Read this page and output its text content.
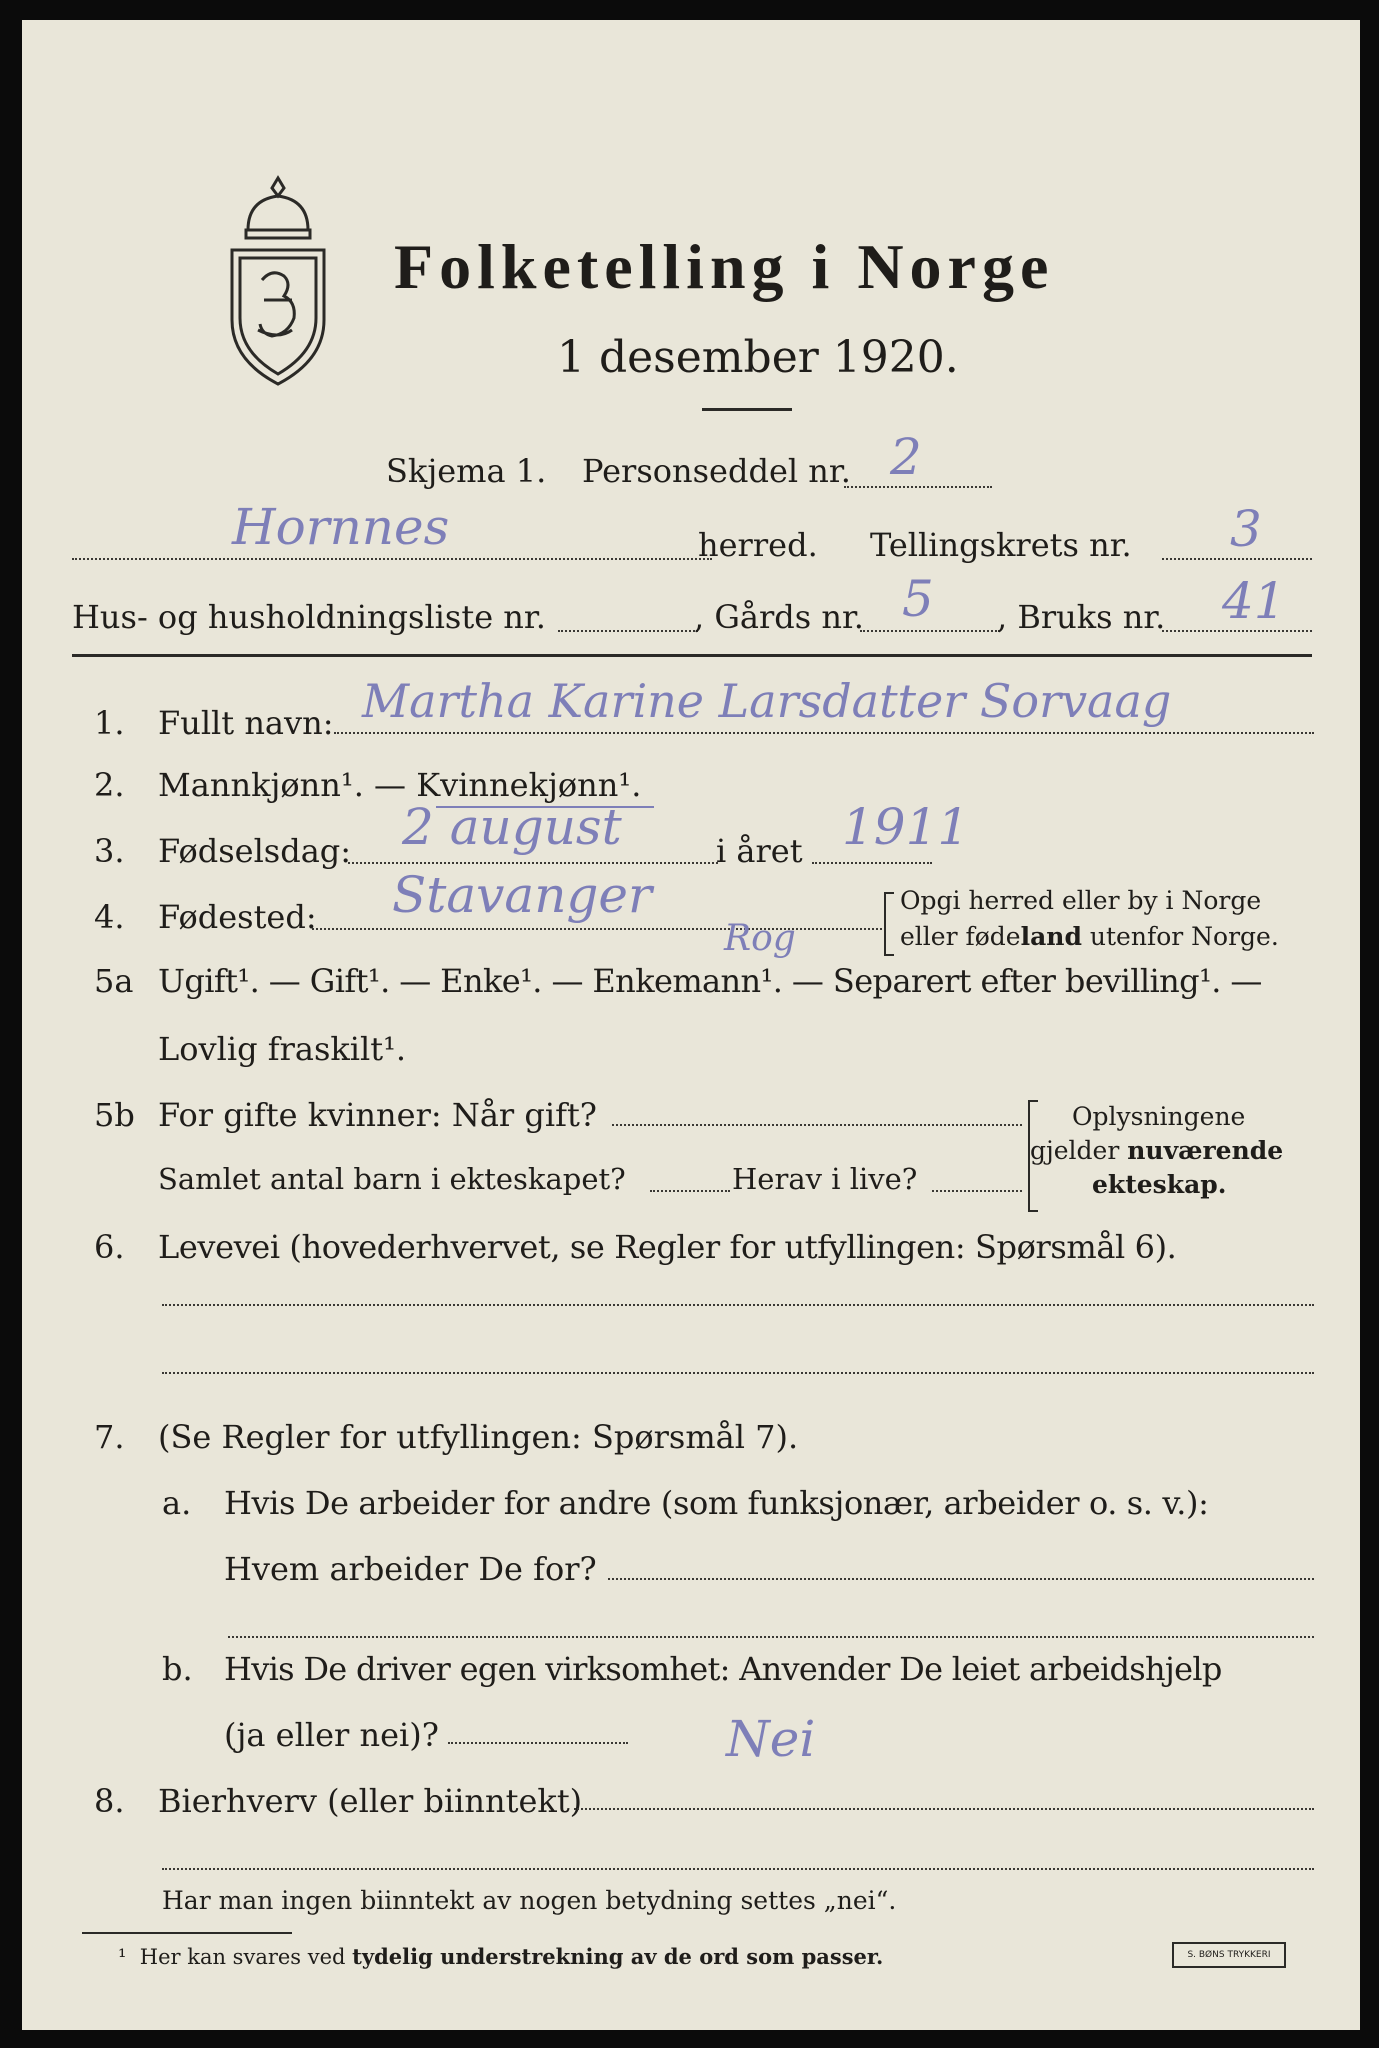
Folketelling i Norge
1 desember 1920.
Skjema 1. Personseddel nr. 2
Hornnes	herred. Tellingskrets nr. 3
Hus- og husholdningsliste nr.	, Gårds nr. 5 , Bruks nr. 41
1. Fullt navn: Martha Karine Larsdatter Sorvaag
2. Mannkjønn¹. — Kvinnekjønn¹.
3. Fødselsdag: 2 august	i året 1911
4. Fødested: Stavanger
Rog
Opgi herred eller by i Norge
eller fødeland utenfor Norge.
5a Ugift¹. — Gift¹. — Enke¹. — Enkemann¹. — Separert efter bevilling¹. —
Lovlig fraskilt¹.
5b For gifte kvinner: Når gift?
Samlet antal barn i ekteskapet?	Herav i live?
Oplysningene
gjelder nuværende
ekteskap.
6. Levevei (hovederhvervet, se Regler for utfyllingen: Spørsmål 6).
7. (Se Regler for utfyllingen: Spørsmål 7).
a. Hvis De arbeider for andre (som funksjonær, arbeider o. s. v.):
Hvem arbeider De for?
b. Hvis De driver egen virksomhet: Anvender De leiet arbeidshjelp
(ja eller nei)?	Nei
8. Bierhverv (eller biinntekt)
Har man ingen biinntekt av nogen betydning settes „nei“.
¹ Her kan svares ved tydelig understrekning av de ord som passer.	S. BØNS TRYKKERI
